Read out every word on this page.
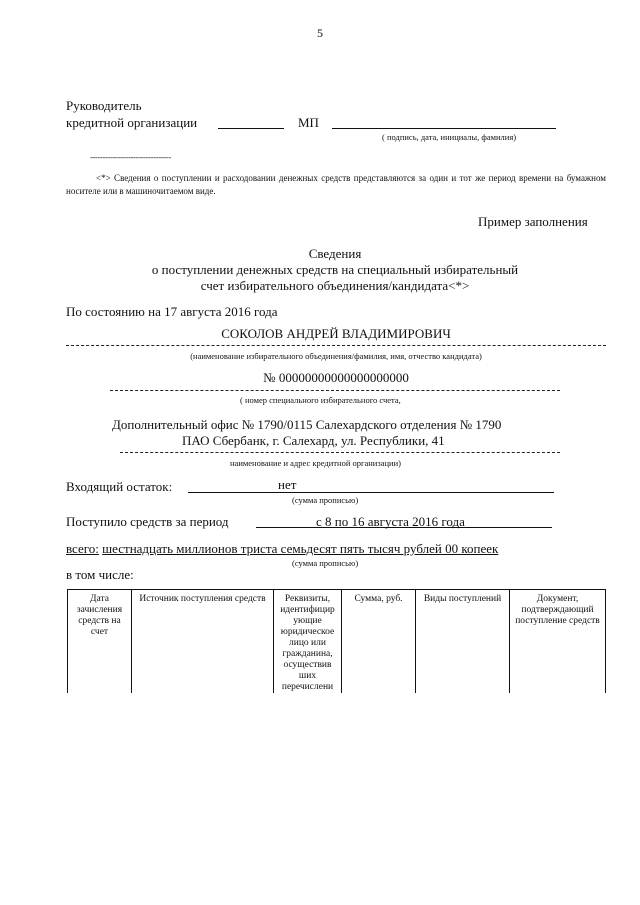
5
Руководитель
кредитной организации	МП
( подпись, дата, инициалы, фамилия)
--------------------------------
<*> Сведения о поступлении и расходовании денежных средств представляются за один и тот же период времени на бумажном носителе или в машиночитаемом виде.
Пример заполнения
Сведения
о поступлении денежных средств на специальный избирательный
счет избирательного объединения/кандидата<*>
По состоянию на 17 августа 2016 года
СОКОЛОВ АНДРЕЙ ВЛАДИМИРОВИЧ
(наименование избирательного объединения/фамилия, имя, отчество кандидата)
№ 00000000000000000000
( номер специального избирательного счета,
Дополнительный офис № 1790/0115 Салехардского отделения № 1790
ПАО Сбербанк, г. Салехард, ул. Республики, 41
наименование и адрес кредитной организации)
Входящий остаток:	нет
(сумма прописью)
Поступило средств за период	с 8 по 16 августа 2016 года
всего: шестнадцать миллионов триста семьдесят пять тысяч рублей 00 копеек
(сумма прописью)
в том числе:
Дата зачисления средств на счет	Источник поступления средств	Реквизиты, идентифицир ующие юридическое лицо или гражданина, осуществив ших перечислени	Сумма, руб.	Виды поступлений	Документ, подтверждающий поступление средств
